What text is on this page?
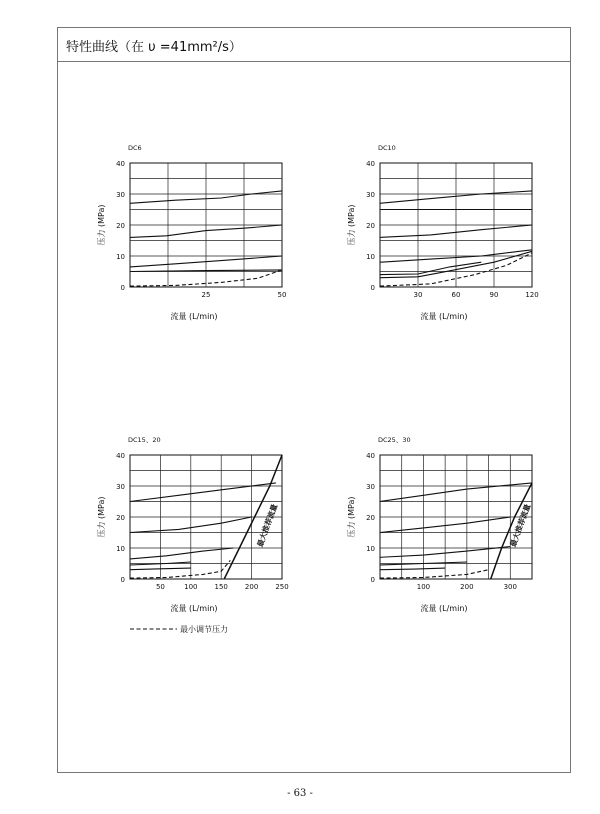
特性曲线（在 υ =41mm²/s）
0
10
20
30
40
25	50
DC6
流量 (L/min)
压力 (MPa)
0
10
20
30
40
30	60	90	120
DC10
流量 (L/min)
压力 (MPa)
0
10
20
30
40
50	100 150 200 250
DC15、20
流量 (L/min)
压力 (MPa)	最大推荐流量
0
10
20
30
40
100	200	300
DC25、30
流量 (L/min)
压力 (MPa)	最大推荐流量
最小调节压力
- 63 -
